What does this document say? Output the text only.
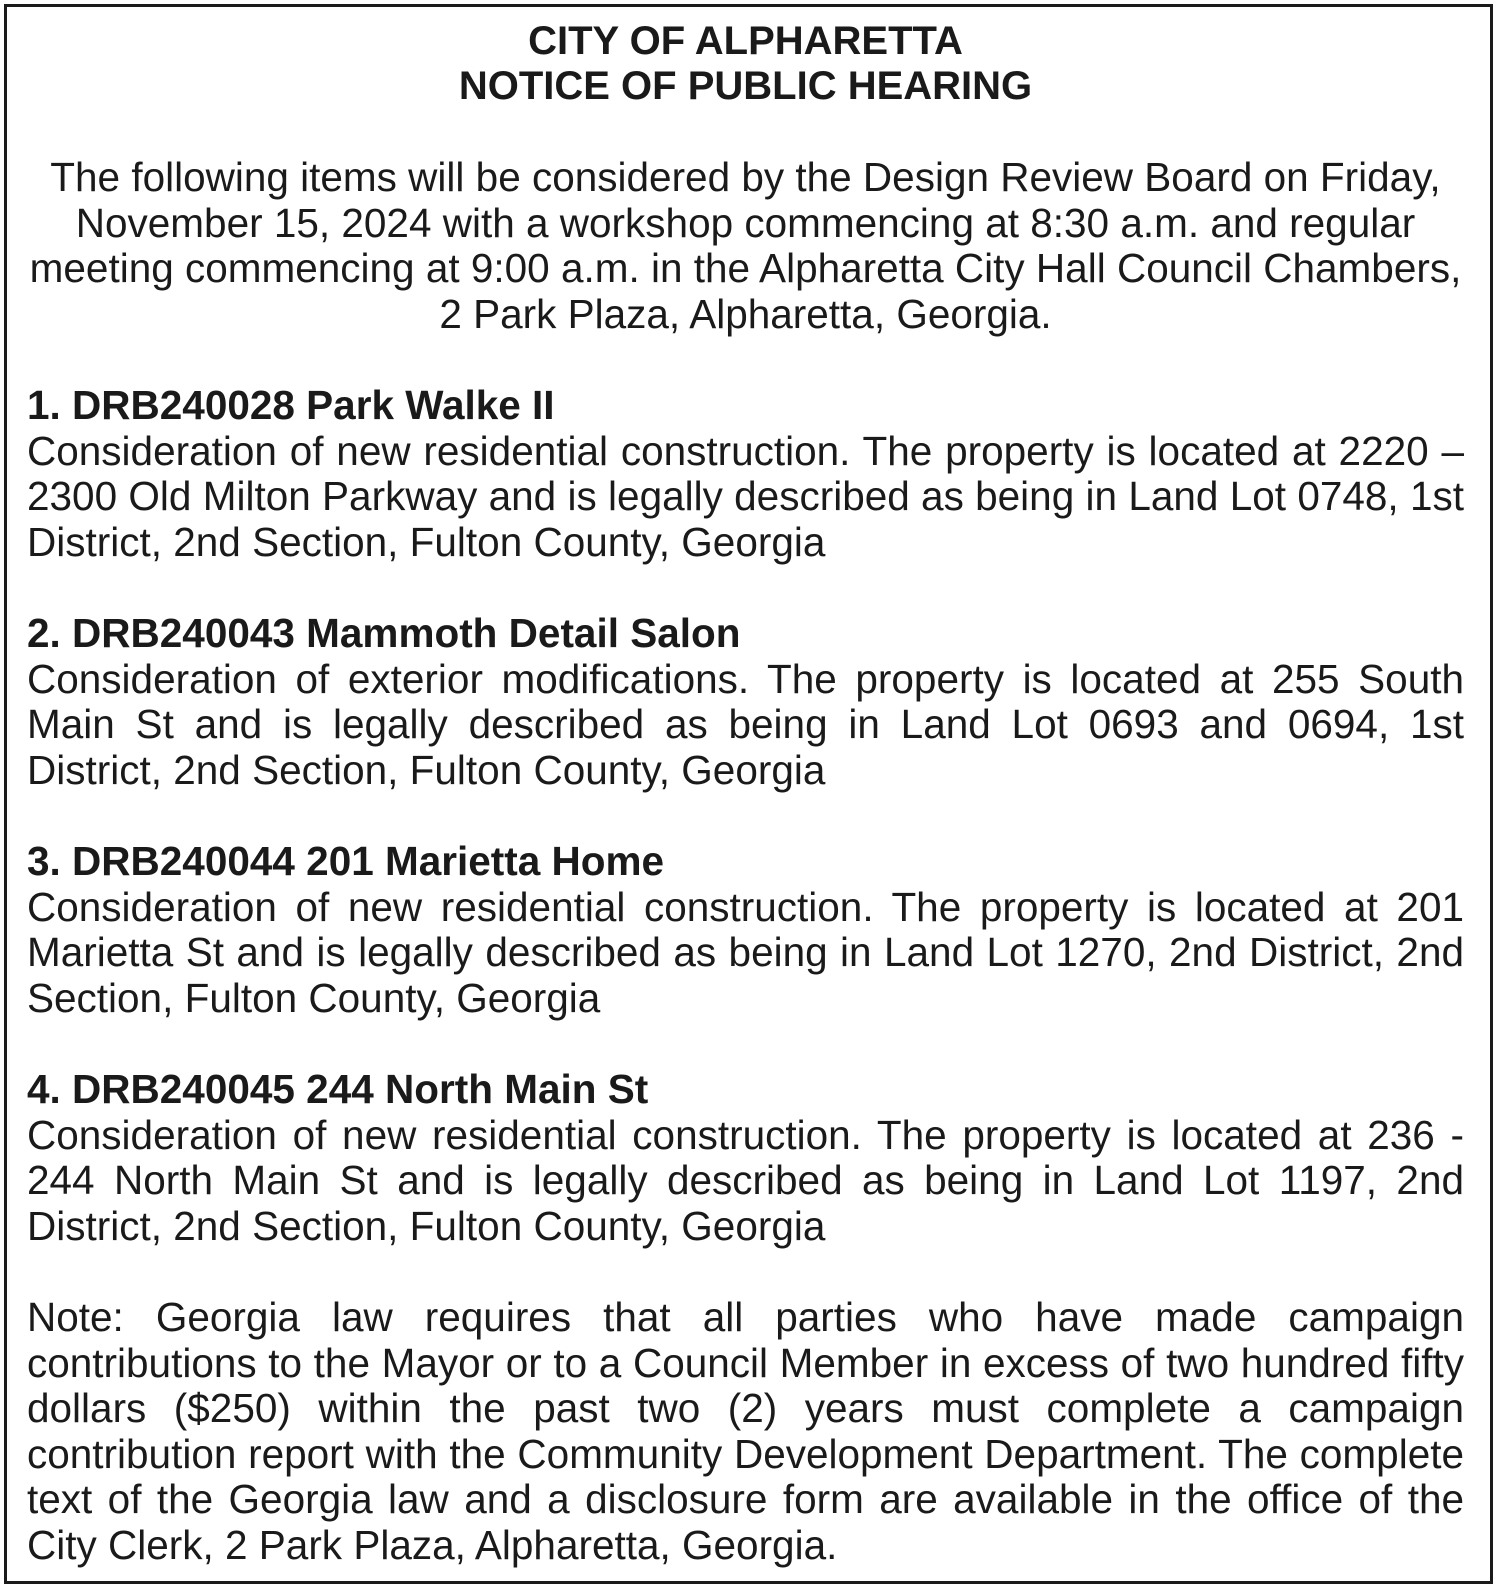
CITY OF ALPHARETTA

NOTICE OF PUBLIC HEARING

The following items will be considered by the Design Review Board on Friday, November 15, 2024 with a workshop commencing at 8:30 a.m. and regular meeting commencing at 9:00 a.m. in the Alpharetta City Hall Council Chambers, 2 Park Plaza, Alpharetta, Georgia.

1. DRB240028 Park Walke II

Consideration of new residential construction. The property is located at 2220 – 2300 Old Milton Parkway and is legally described as being in Land Lot 0748, 1st District, 2nd Section, Fulton County, Georgia

2. DRB240043 Mammoth Detail Salon

Consideration of exterior modifications. The property is located at 255 South Main St and is legally described as being in Land Lot 0693 and 0694, 1st District, 2nd Section, Fulton County, Georgia

3. DRB240044 201 Marietta Home

Consideration of new residential construction. The property is located at 201 Marietta St and is legally described as being in Land Lot 1270, 2nd District, 2nd Section, Fulton County, Georgia

4. DRB240045 244 North Main St

Consideration of new residential construction. The property is located at 236 - 244 North Main St and is legally described as being in Land Lot 1197, 2nd District, 2nd Section, Fulton County, Georgia

Note: Georgia law requires that all parties who have made campaign contributions to the Mayor or to a Council Member in excess of two hundred fifty dollars ($250) within the past two (2) years must complete a campaign contribution report with the Community Development Department. The complete text of the Georgia law and a disclosure form are available in the office of the City Clerk, 2 Park Plaza, Alpharetta, Georgia.
